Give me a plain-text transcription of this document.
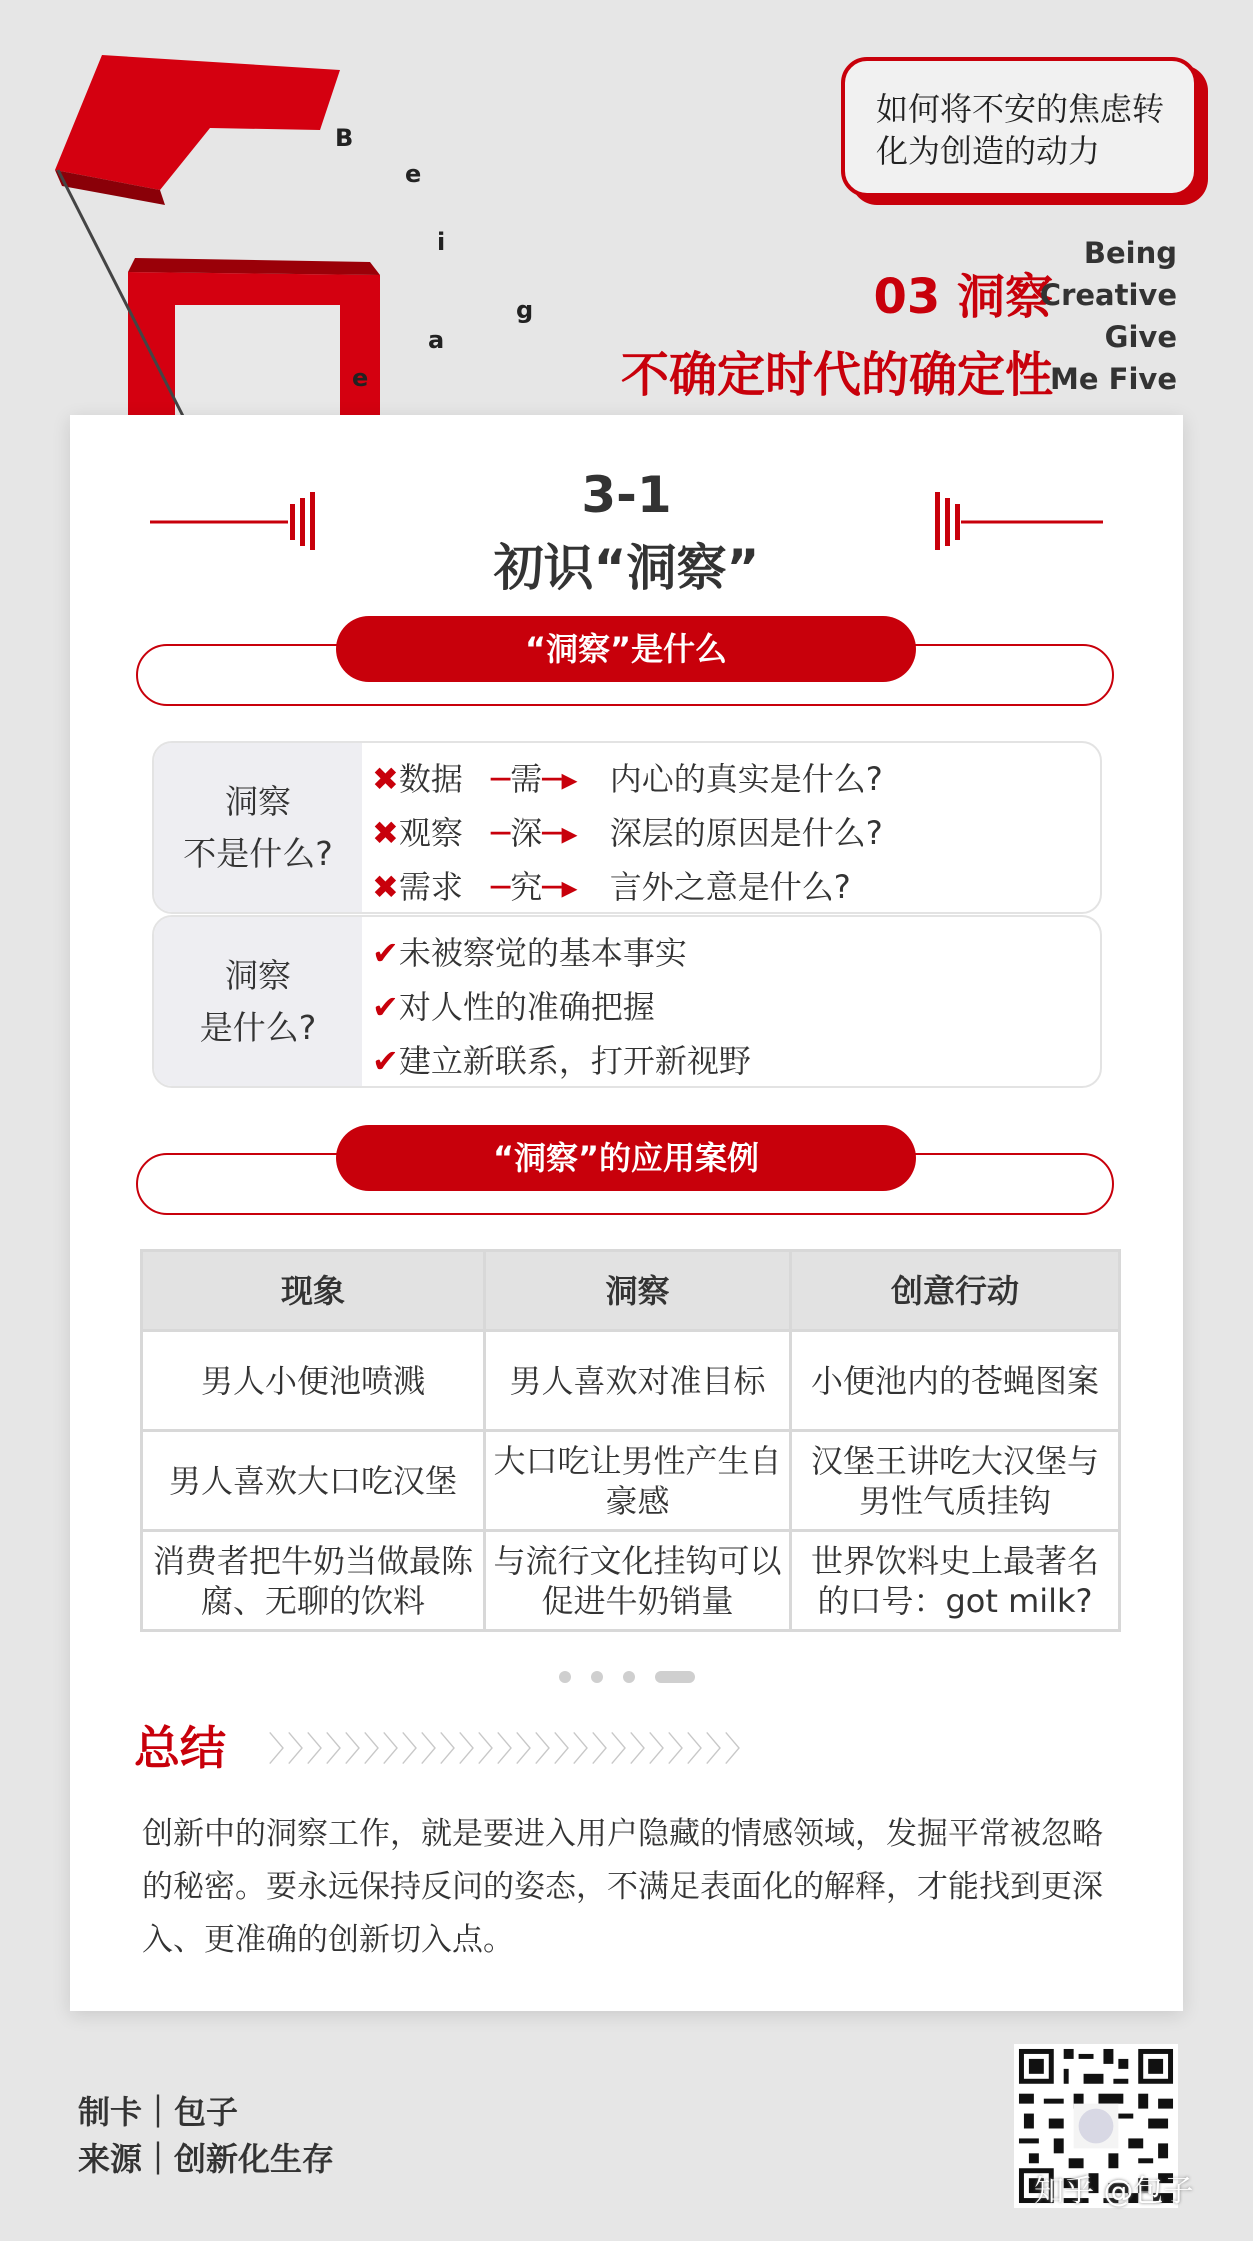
B
e
i
g
a
e
如何将不安的焦虑转化为创造的动力
03 洞察
不确定时代的确定性
Being
Creative
Give
Me Five
3-1
初识“洞察”
“洞察”是什么
洞察
不是什么?
✖数据 ─需─▸ 内心的真实是什么?
✖观察 ─深─▸ 深层的原因是什么?
✖需求 ─究─▸ 言外之意是什么?
洞察
是什么?
✔未被察觉的基本事实
✔对人性的准确把握
✔建立新联系，打开新视野
“洞察”的应用案例
现象	洞察	创意行动
男人小便池喷溅	男人喜欢对准目标	小便池内的苍蝇图案
男人喜欢大口吃汉堡	大口吃让男性产生自豪感	汉堡王讲吃大汉堡与男性气质挂钩
消费者把牛奶当做最陈腐、无聊的饮料	与流行文化挂钩可以促进牛奶销量	世界饮料史上最著名的口号：got milk?
总结 〉〉〉〉〉〉〉〉〉〉〉〉〉〉〉〉〉〉〉〉〉〉〉〉〉
创新中的洞察工作，就是要进入用户隐藏的情感领域，发掘平常被忽略的秘密。要永远保持反问的姿态，不满足表面化的解释，才能找到更深入、更准确的创新切入点。
制卡｜包子
来源｜创新化生存
知乎 @包子
